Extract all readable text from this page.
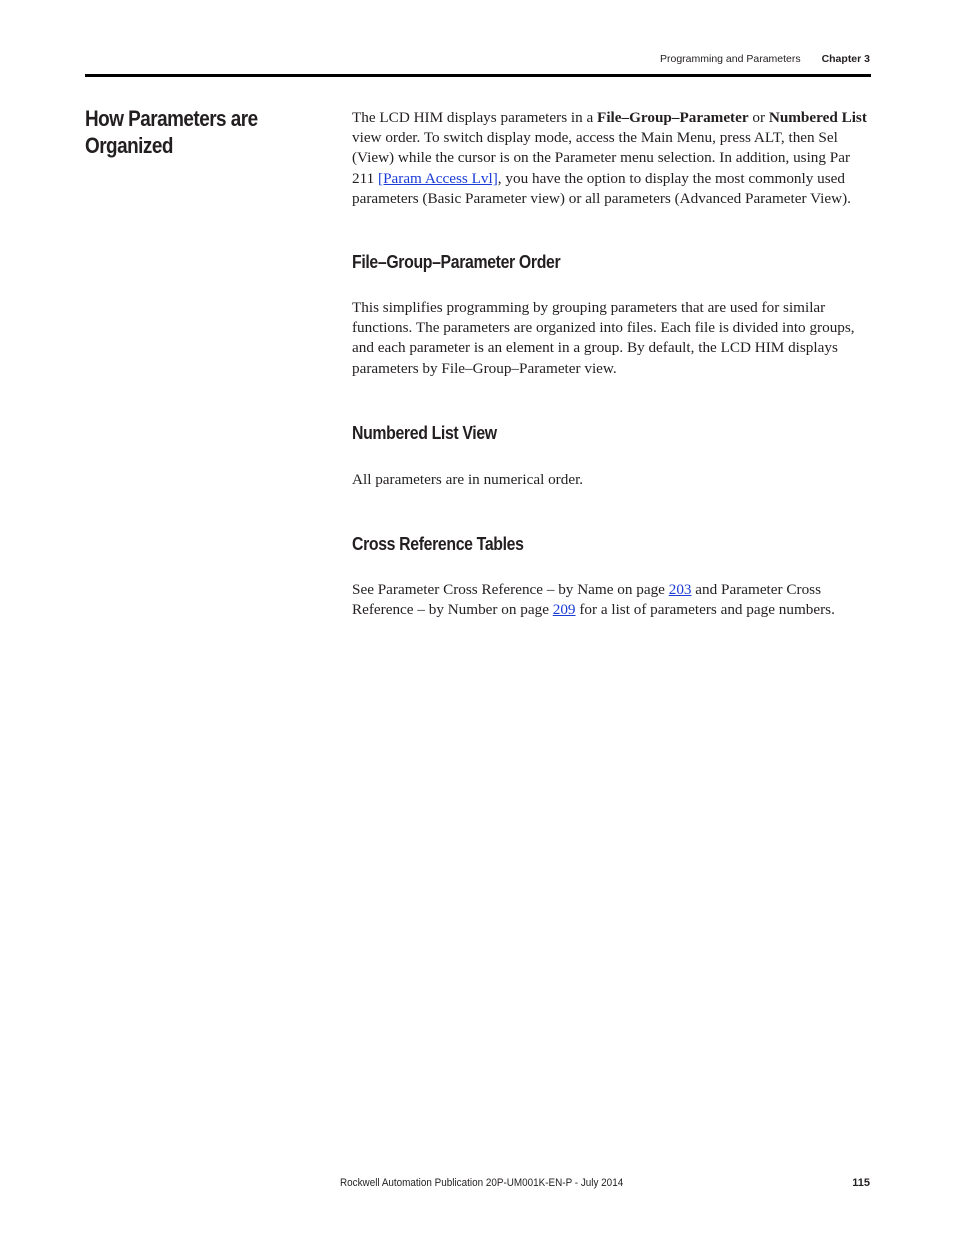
Programming and Parameters Chapter 3
How Parameters are Organized

The LCD HIM displays parameters in a File–Group–Parameter or Numbered List view order. To switch display mode, access the Main Menu, press ALT, then Sel (View) while the cursor is on the Parameter menu selection. In addition, using Par 211 [Param Access Lvl], you have the option to display the most commonly used parameters (Basic Parameter view) or all parameters (Advanced Parameter View).

File–Group–Parameter Order

This simplifies programming by grouping parameters that are used for similar functions. The parameters are organized into files. Each file is divided into groups, and each parameter is an element in a group. By default, the LCD HIM displays parameters by File–Group–Parameter view.

Numbered List View

All parameters are in numerical order.

Cross Reference Tables

See Parameter Cross Reference – by Name on page 203 and Parameter Cross Reference – by Number on page 209 for a list of parameters and page numbers.

Rockwell Automation Publication 20P-UM001K-EN-P - July 2014	115
